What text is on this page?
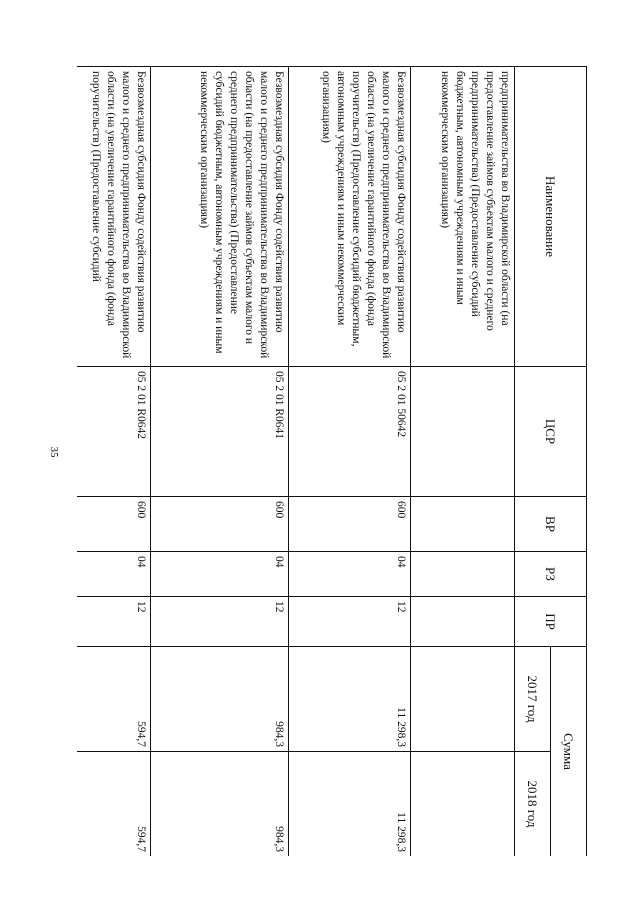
35
Наименование	ЦСР	ВР	РЗ	ПР	Сумма	
					2017 год	2018 год
предпринимательства во Владимирской области (на предоставление займов субъектам малого и среднего предпринимательства) (Предоставление субсидий бюджетным, автономным учреждениям и иным некоммерческим организациям)						
Безвозмездная субсидия Фонду содействия развитию малого и среднего предпринимательства во Владимирской области (на увеличение гарантийного фонда (фонда поручительств) (Предоставление субсидий бюджетным, автономным учреждениям и иным некоммерческим организациям)	05 2 01 50642	600	04	12	11 298,3	11 298,3
Безвозмездная субсидия Фонду содействия развитию малого и среднего предпринимательства во Владимирской области (на предоставление займов субъектам малого и среднего предпринимательства) (Предоставление субсидий бюджетным, автономным учреждениям и иным некоммерческим организациям)	05 2 01 R0641	600	04	12	984,3	984,3
Безвозмездная субсидия Фонду содействия развитию малого и среднего предпринимательства во Владимирской области (на увеличение гарантийного фонда (фонда поручительств) (Предоставление субсидий	05 2 01 R0642	600	04	12	594,7	594,7
